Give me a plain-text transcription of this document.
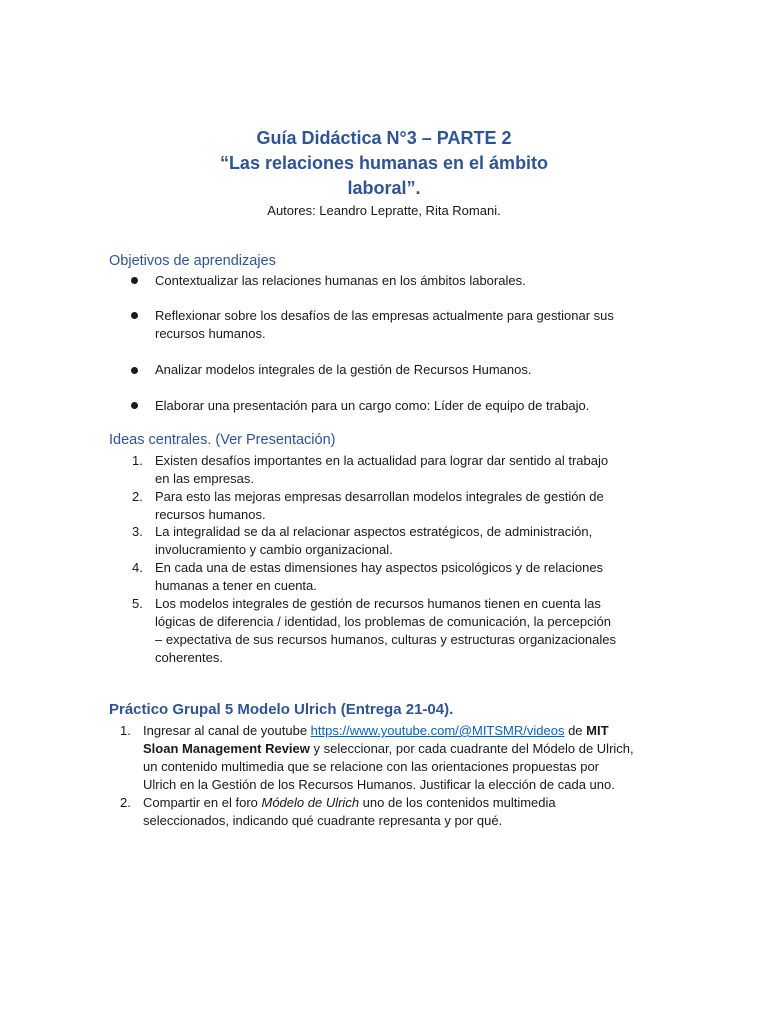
Guía Didáctica N°3 – PARTE 2

“Las relaciones humanas en el ámbito

laboral”.

Autores: Leandro Lepratte, Rita Romani.
Objetivos de aprendizajes
Contextualizar las relaciones humanas en los ámbitos laborales.
Reflexionar sobre los desafíos de las empresas actualmente para gestionar sus
recursos humanos.
Analizar modelos integrales de la gestión de Recursos Humanos.
Elaborar una presentación para un cargo como: Líder de equipo de trabajo.
Ideas centrales. (Ver Presentación)
1. Existen desafíos importantes en la actualidad para lograr dar sentido al trabajo
en las empresas.
2. Para esto las mejoras empresas desarrollan modelos integrales de gestión de
recursos humanos.
3. La integralidad se da al relacionar aspectos estratégicos, de administración,
involucramiento y cambio organizacional.
4. En cada una de estas dimensiones hay aspectos psicológicos y de relaciones
humanas a tener en cuenta.
5. Los modelos integrales de gestión de recursos humanos tienen en cuenta las
lógicas de diferencia / identidad, los problemas de comunicación, la percepción
– expectativa de sus recursos humanos, culturas y estructuras organizacionales
coherentes.
Práctico Grupal 5 Modelo Ulrich (Entrega 21-04).
1. Ingresar al canal de youtube https://www.youtube.com/@MITSMR/videos de MIT
Sloan Management Review y seleccionar, por cada cuadrante del Módelo de Ulrich,
un contenido multimedia que se relacione con las orientaciones propuestas por
Ulrich en la Gestión de los Recursos Humanos. Justificar la elección de cada uno.
2. Compartir en el foro Módelo de Ulrich uno de los contenidos multimedia
seleccionados, indicando qué cuadrante represanta y por qué.
